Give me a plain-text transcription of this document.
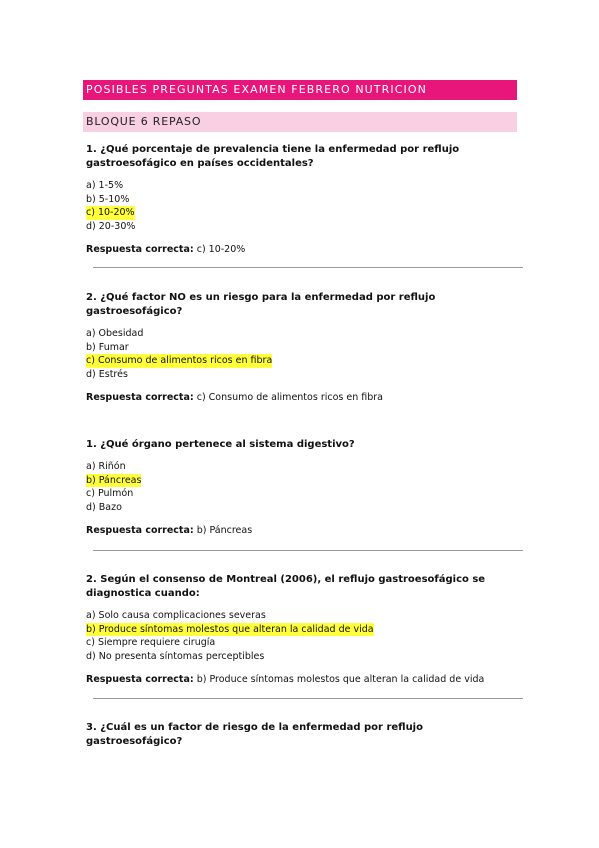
POSIBLES PREGUNTAS EXAMEN FEBRERO NUTRICION
BLOQUE 6 REPASO

1. ¿Qué porcentaje de prevalencia tiene la enfermedad por reflujo gastroesofágico en países occidentales?

a) 1-5%
b) 5-10%
c) 10-20%
d) 20-30%
Respuesta correcta: c) 10-20%

2. ¿Qué factor NO es un riesgo para la enfermedad por reflujo gastroesofágico?

a) Obesidad
b) Fumar
c) Consumo de alimentos ricos en fibra
d) Estrés
Respuesta correcta: c) Consumo de alimentos ricos en fibra

1. ¿Qué órgano pertenece al sistema digestivo?

a) Riñón
b) Páncreas
c) Pulmón
d) Bazo
Respuesta correcta: b) Páncreas

2. Según el consenso de Montreal (2006), el reflujo gastroesofágico se diagnostica cuando:

a) Solo causa complicaciones severas
b) Produce síntomas molestos que alteran la calidad de vida
c) Siempre requiere cirugía
d) No presenta síntomas perceptibles
Respuesta correcta: b) Produce síntomas molestos que alteran la calidad de vida

3. ¿Cuál es un factor de riesgo de la enfermedad por reflujo gastroesofágico?
